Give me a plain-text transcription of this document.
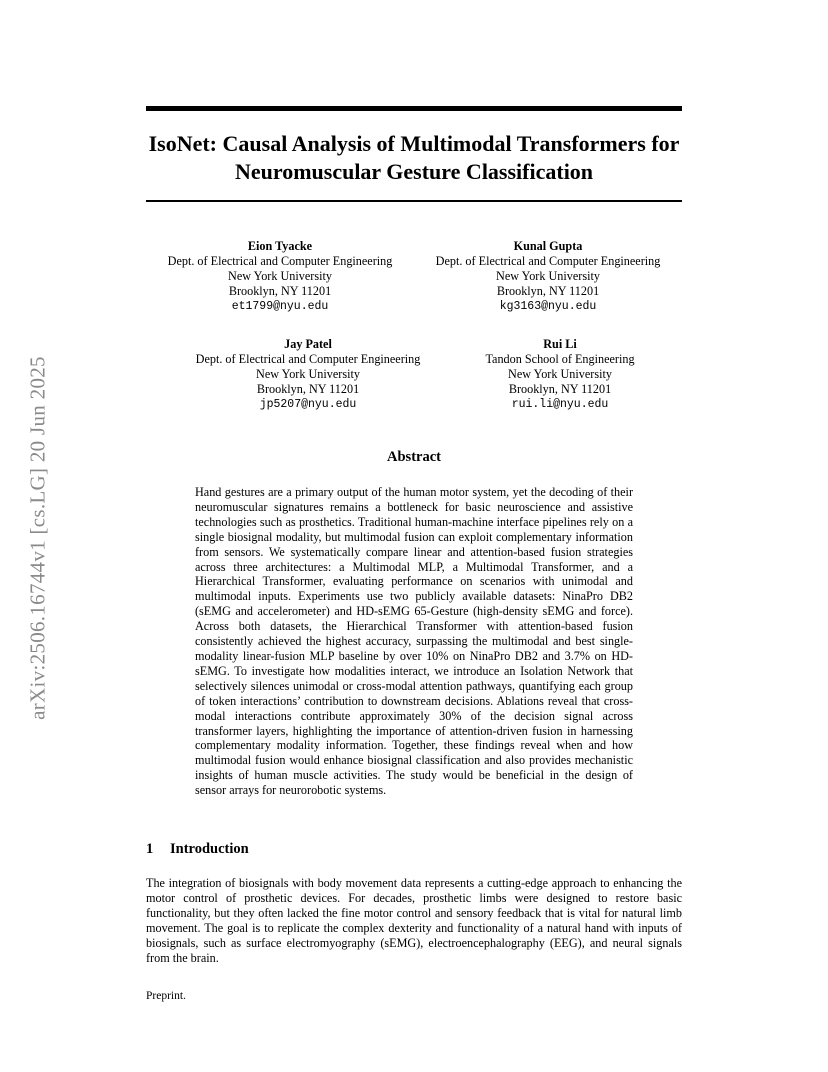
arXiv:2506.16744v1 [cs.LG] 20 Jun 2025
IsoNet: Causal Analysis of Multimodal Transformers for Neuromuscular Gesture Classification
Eion Tyacke
Dept. of Electrical and Computer Engineering
New York University
Brooklyn, NY 11201
et1799@nyu.edu
Kunal Gupta
Dept. of Electrical and Computer Engineering
New York University
Brooklyn, NY 11201
kg3163@nyu.edu
Jay Patel
Dept. of Electrical and Computer Engineering
New York University
Brooklyn, NY 11201
jp5207@nyu.edu
Rui Li
Tandon School of Engineering
New York University
Brooklyn, NY 11201
rui.li@nyu.edu
Abstract
Hand gestures are a primary output of the human motor system, yet the decoding of their neuromuscular signatures remains a bottleneck for basic neuroscience and assistive technologies such as prosthetics. Traditional human-machine interface pipelines rely on a single biosignal modality, but multimodal fusion can exploit complementary information from sensors. We systematically compare linear and attention-based fusion strategies across three architectures: a Multimodal MLP, a Multimodal Transformer, and a Hierarchical Transformer, evaluating performance on scenarios with unimodal and multimodal inputs. Experiments use two publicly available datasets: NinaPro DB2 (sEMG and accelerometer) and HD-sEMG 65-Gesture (high-density sEMG and force). Across both datasets, the Hierarchical Transformer with attention-based fusion consistently achieved the highest accuracy, surpassing the multimodal and best single-modality linear-fusion MLP baseline by over 10% on NinaPro DB2 and 3.7% on HD-sEMG. To investigate how modalities interact, we introduce an Isolation Network that selectively silences unimodal or cross-modal attention pathways, quantifying each group of token interactions’ contribution to downstream decisions. Ablations reveal that cross-modal interactions contribute approximately 30% of the decision signal across transformer layers, highlighting the importance of attention-driven fusion in harnessing complementary modality information. Together, these findings reveal when and how multimodal fusion would enhance biosignal classification and also provides mechanistic insights of human muscle activities. The study would be beneficial in the design of sensor arrays for neurorobotic systems.
1 Introduction
The integration of biosignals with body movement data represents a cutting-edge approach to enhancing the motor control of prosthetic devices. For decades, prosthetic limbs were designed to restore basic functionality, but they often lacked the fine motor control and sensory feedback that is vital for natural limb movement. The goal is to replicate the complex dexterity and functionality of a natural hand with inputs of biosignals, such as surface electromyography (sEMG), electroencephalography (EEG), and neural signals from the brain.
Preprint.
